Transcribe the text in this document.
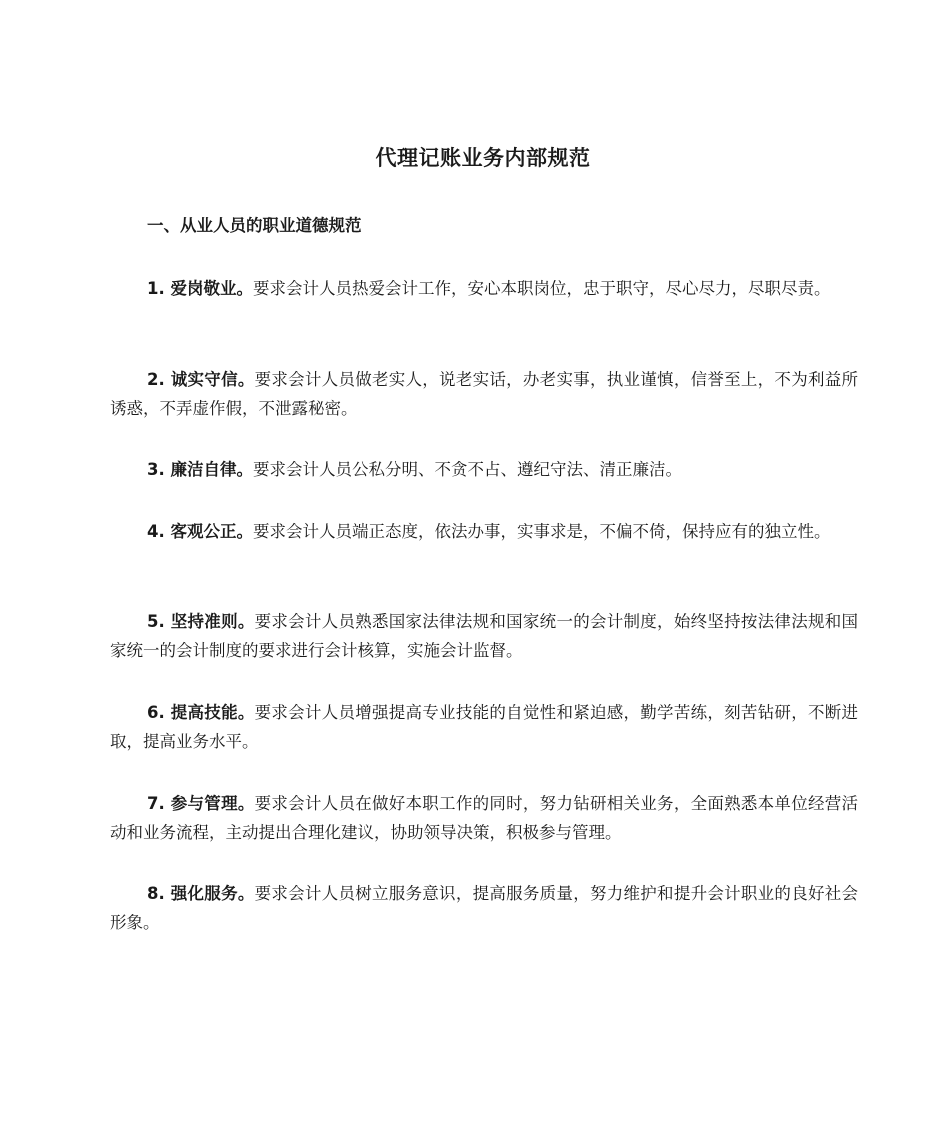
代理记账业务内部规范
一、从业人员的职业道德规范

1. 爱岗敬业。要求会计人员热爱会计工作，安心本职岗位，忠于职守，尽心尽力，尽职尽责。

2. 诚实守信。要求会计人员做老实人，说老实话，办老实事，执业谨慎，信誉至上，不为利益所诱惑，不弄虚作假，不泄露秘密。

3. 廉洁自律。要求会计人员公私分明、不贪不占、遵纪守法、清正廉洁。

4. 客观公正。要求会计人员端正态度，依法办事，实事求是，不偏不倚，保持应有的独立性。

5. 坚持准则。要求会计人员熟悉国家法律法规和国家统一的会计制度，始终坚持按法律法规和国家统一的会计制度的要求进行会计核算，实施会计监督。

6. 提高技能。要求会计人员增强提高专业技能的自觉性和紧迫感，勤学苦练，刻苦钻研，不断进取，提高业务水平。

7. 参与管理。要求会计人员在做好本职工作的同时，努力钻研相关业务，全面熟悉本单位经营活动和业务流程，主动提出合理化建议，协助领导决策，积极参与管理。

8. 强化服务。要求会计人员树立服务意识，提高服务质量，努力维护和提升会计职业的良好社会形象。
